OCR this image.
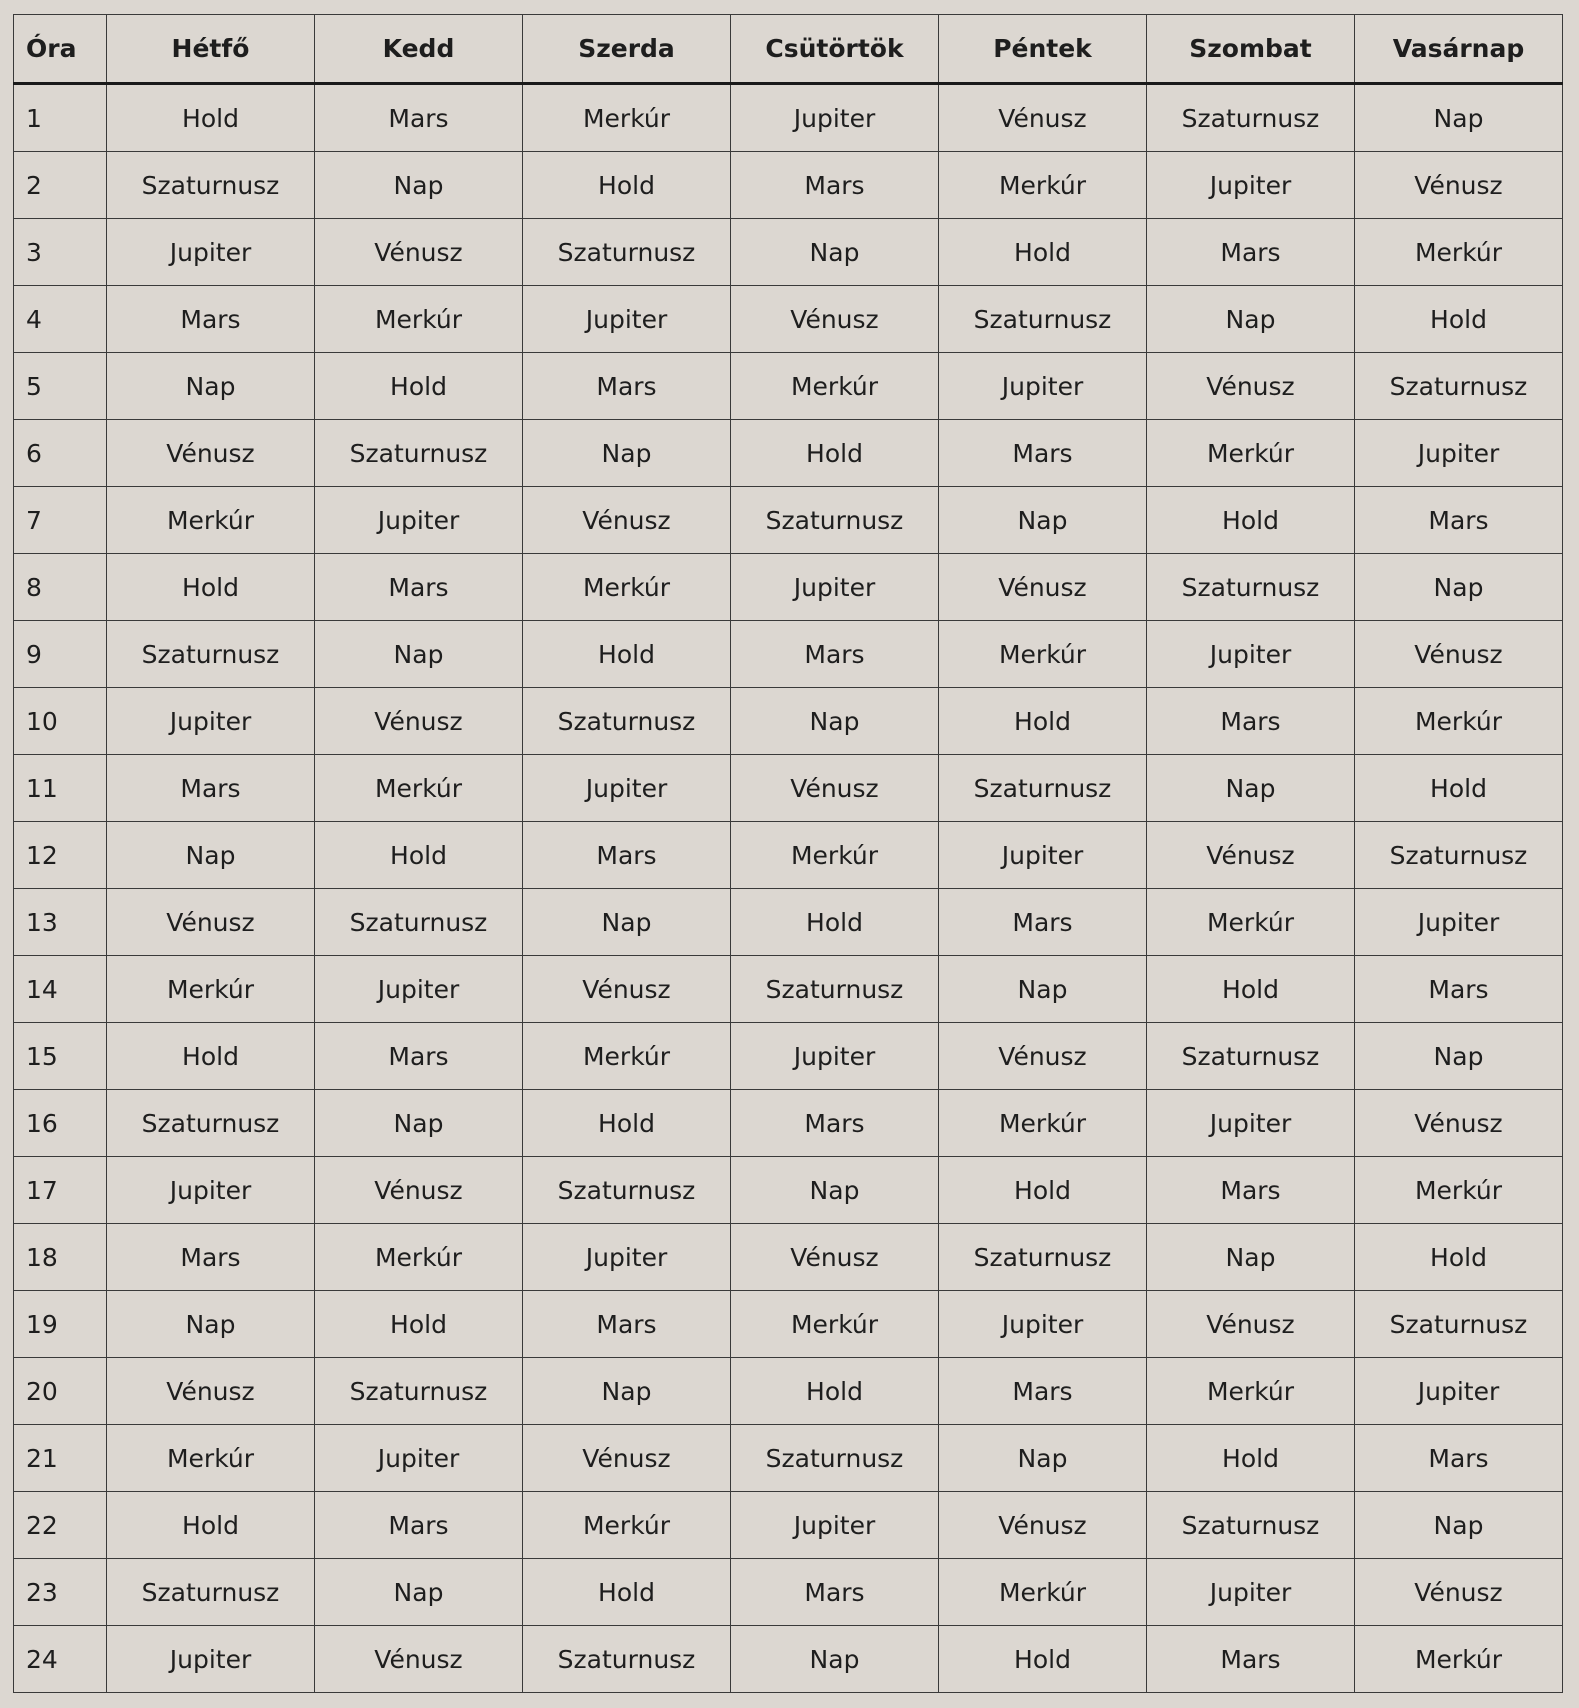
Óra	Hétfő	Kedd	Szerda	Csütörtök	Péntek	Szombat	Vasárnap
1	Hold	Mars	Merkúr	Jupiter	Vénusz	Szaturnusz	Nap
2	Szaturnusz	Nap	Hold	Mars	Merkúr	Jupiter	Vénusz
3	Jupiter	Vénusz	Szaturnusz	Nap	Hold	Mars	Merkúr
4	Mars	Merkúr	Jupiter	Vénusz	Szaturnusz	Nap	Hold
5	Nap	Hold	Mars	Merkúr	Jupiter	Vénusz	Szaturnusz
6	Vénusz	Szaturnusz	Nap	Hold	Mars	Merkúr	Jupiter
7	Merkúr	Jupiter	Vénusz	Szaturnusz	Nap	Hold	Mars
8	Hold	Mars	Merkúr	Jupiter	Vénusz	Szaturnusz	Nap
9	Szaturnusz	Nap	Hold	Mars	Merkúr	Jupiter	Vénusz
10	Jupiter	Vénusz	Szaturnusz	Nap	Hold	Mars	Merkúr
11	Mars	Merkúr	Jupiter	Vénusz	Szaturnusz	Nap	Hold
12	Nap	Hold	Mars	Merkúr	Jupiter	Vénusz	Szaturnusz
13	Vénusz	Szaturnusz	Nap	Hold	Mars	Merkúr	Jupiter
14	Merkúr	Jupiter	Vénusz	Szaturnusz	Nap	Hold	Mars
15	Hold	Mars	Merkúr	Jupiter	Vénusz	Szaturnusz	Nap
16	Szaturnusz	Nap	Hold	Mars	Merkúr	Jupiter	Vénusz
17	Jupiter	Vénusz	Szaturnusz	Nap	Hold	Mars	Merkúr
18	Mars	Merkúr	Jupiter	Vénusz	Szaturnusz	Nap	Hold
19	Nap	Hold	Mars	Merkúr	Jupiter	Vénusz	Szaturnusz
20	Vénusz	Szaturnusz	Nap	Hold	Mars	Merkúr	Jupiter
21	Merkúr	Jupiter	Vénusz	Szaturnusz	Nap	Hold	Mars
22	Hold	Mars	Merkúr	Jupiter	Vénusz	Szaturnusz	Nap
23	Szaturnusz	Nap	Hold	Mars	Merkúr	Jupiter	Vénusz
24	Jupiter	Vénusz	Szaturnusz	Nap	Hold	Mars	Merkúr
